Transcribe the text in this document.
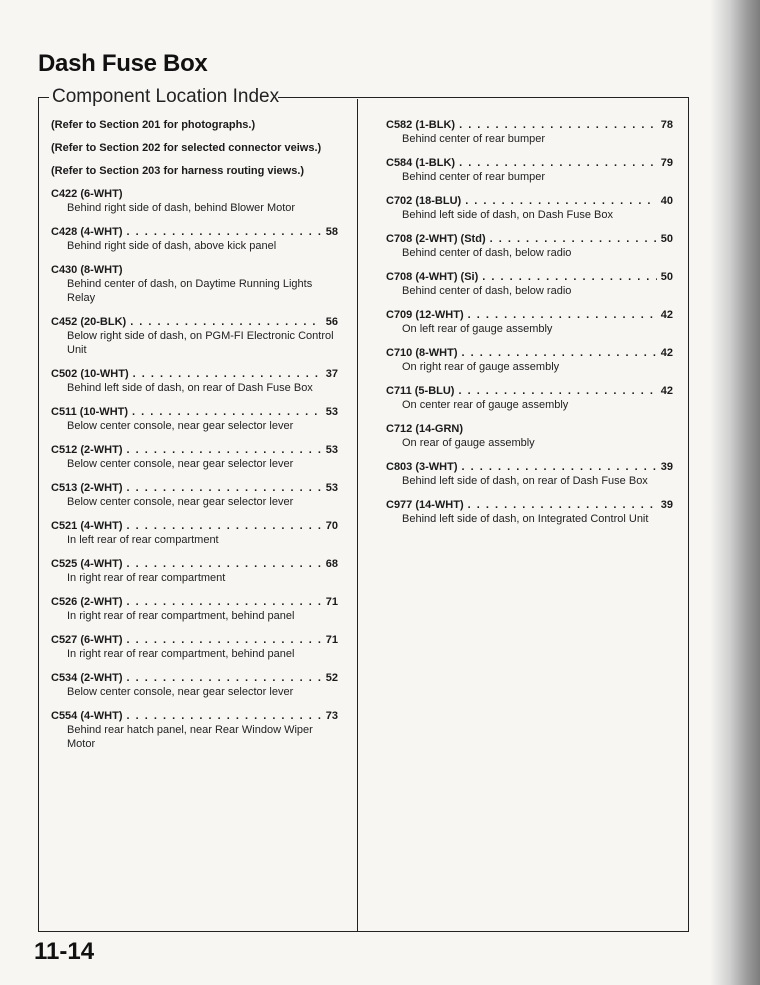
Dash Fuse Box
Component Location Index

(Refer to Section 201 for photographs.)

(Refer to Section 202 for selected connector veiws.)

(Refer to Section 203 for harness routing views.)

C422 (6-WHT)
Behind right side of dash, behind Blower Motor
C428 (4-WHT) . . .	58
Behind right side of dash, above kick panel
C430 (8-WHT)
Behind center of dash, on Daytime Running Lights Relay
C452 (20-BLK) . . .	56
Below right side of dash, on PGM-FI Electronic Control Unit
C502 (10-WHT) . . .	37
Behind left side of dash, on rear of Dash Fuse Box
C511 (10-WHT) . . .	53
Below center console, near gear selector lever
C512 (2-WHT) . . .	53
Below center console, near gear selector lever
C513 (2-WHT) . . .	53
Below center console, near gear selector lever
C521 (4-WHT) . . .	70
In left rear of rear compartment
C525 (4-WHT) . . .	68
In right rear of rear compartment
C526 (2-WHT) . . .	71
In right rear of rear compartment, behind panel
C527 (6-WHT) . . .	71
In right rear of rear compartment, behind panel
C534 (2-WHT) . . .	52
Below center console, near gear selector lever
C554 (4-WHT) . . .	73
Behind rear hatch panel, near Rear Window Wiper Motor
C582 (1-BLK) . . .	78
Behind center of rear bumper
C584 (1-BLK) . . .	79
Behind center of rear bumper
C702 (18-BLU) . . .	40
Behind left side of dash, on Dash Fuse Box
C708 (2-WHT) (Std) . . .	50
Behind center of dash, below radio
C708 (4-WHT) (Si) . . .	50
Behind center of dash, below radio
C709 (12-WHT) . . .	42
On left rear of gauge assembly
C710 (8-WHT) . . .	42
On right rear of gauge assembly
C711 (5-BLU) . . .	42
On center rear of gauge assembly
C712 (14-GRN)
On rear of gauge assembly
C803 (3-WHT) . . .	39
Behind left side of dash, on rear of Dash Fuse Box
C977 (14-WHT) . . .	39
Behind left side of dash, on Integrated Control Unit
11-14
